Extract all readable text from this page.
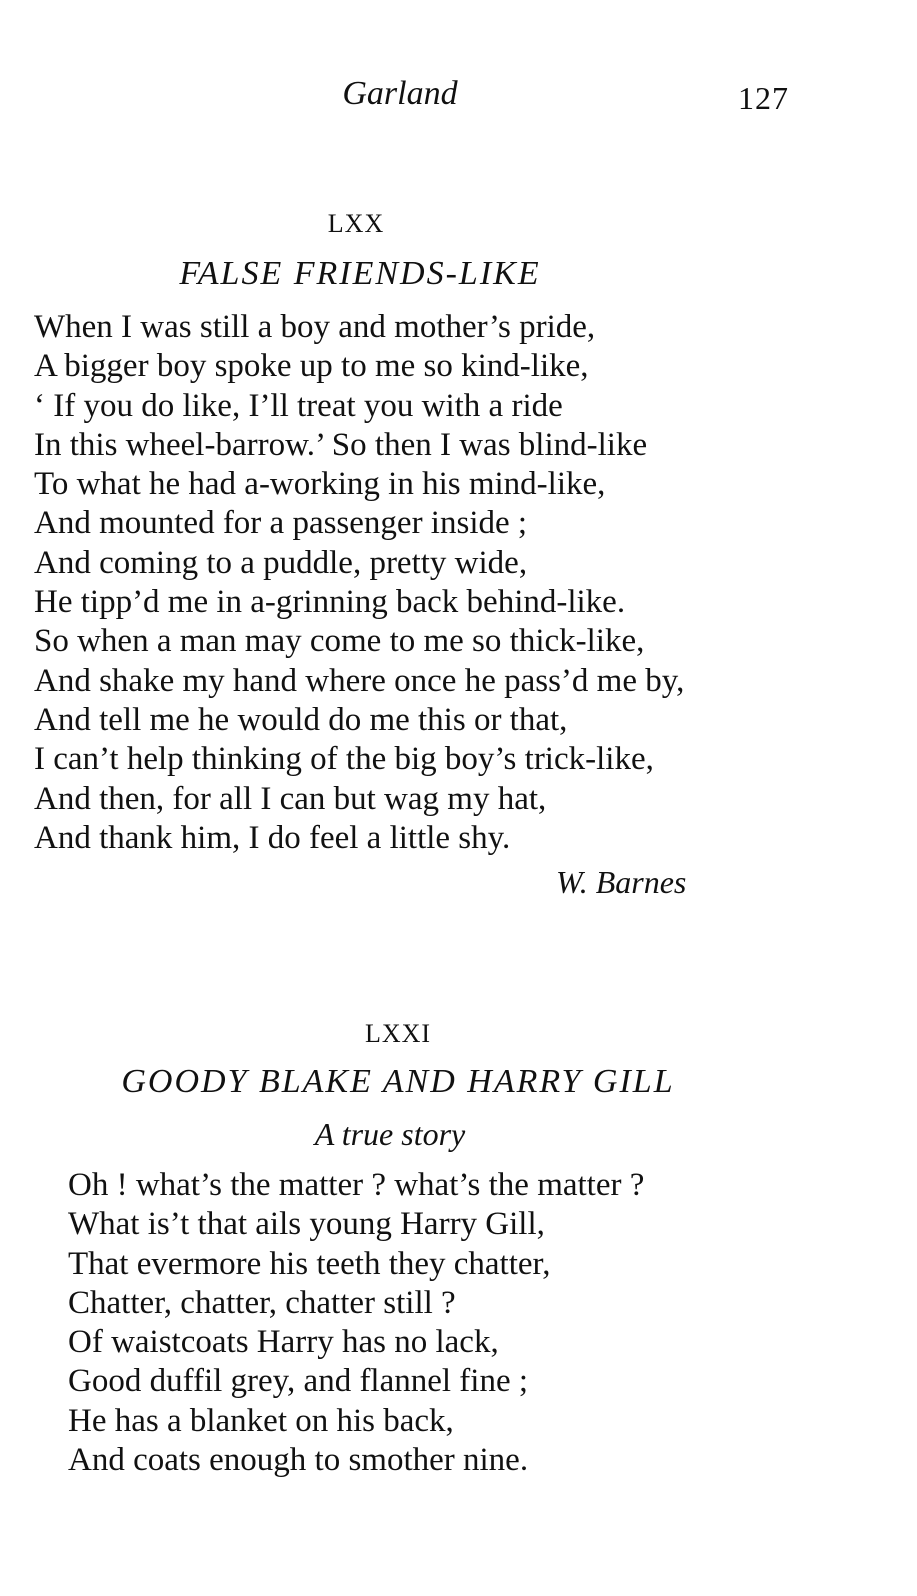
Garland	127
LXX
FALSE FRIENDS-LIKE
When I was still a boy and mother’s pride,
A bigger boy spoke up to me so kind-like,
‘ If you do like, I’ll treat you with a ride
In this wheel-barrow.’ So then I was blind-like
To what he had a-working in his mind-like,
And mounted for a passenger inside ;
And coming to a puddle, pretty wide,
He tipp’d me in a-grinning back behind-like.
So when a man may come to me so thick-like,
And shake my hand where once he pass’d me by,
And tell me he would do me this or that,
I can’t help thinking of the big boy’s trick-like,
And then, for all I can but wag my hat,
And thank him, I do feel a little shy.
W. Barnes
LXXI
GOODY BLAKE AND HARRY GILL
A true story
Oh ! what’s the matter ? what’s the matter ?
What is’t that ails young Harry Gill,
That evermore his teeth they chatter,
Chatter, chatter, chatter still ?
Of waistcoats Harry has no lack,
Good duffil grey, and flannel fine ;
He has a blanket on his back,
And coats enough to smother nine.
